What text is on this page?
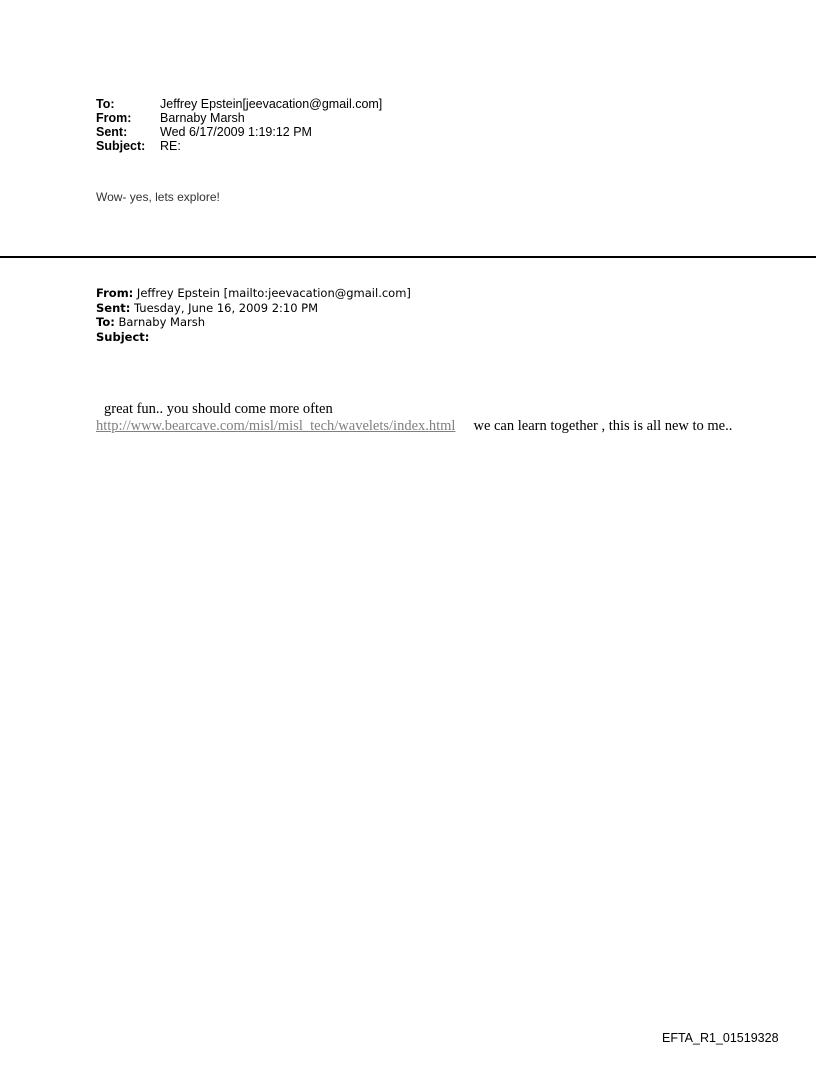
To:	Jeffrey Epstein[jeevacation@gmail.com]
From:	Barnaby Marsh
Sent:	Wed 6/17/2009 1:19:12 PM
Subject:	RE:
Wow- yes, lets explore!
From: Jeffrey Epstein [mailto:jeevacation@gmail.com]
Sent: Tuesday, June 16, 2009 2:10 PM
To: Barnaby Marsh
Subject:
great fun.. you should come more often
http://www.bearcave.com/misl/misl_tech/wavelets/index.html we can learn together , this is all new to me..
EFTA_R1_01519328
